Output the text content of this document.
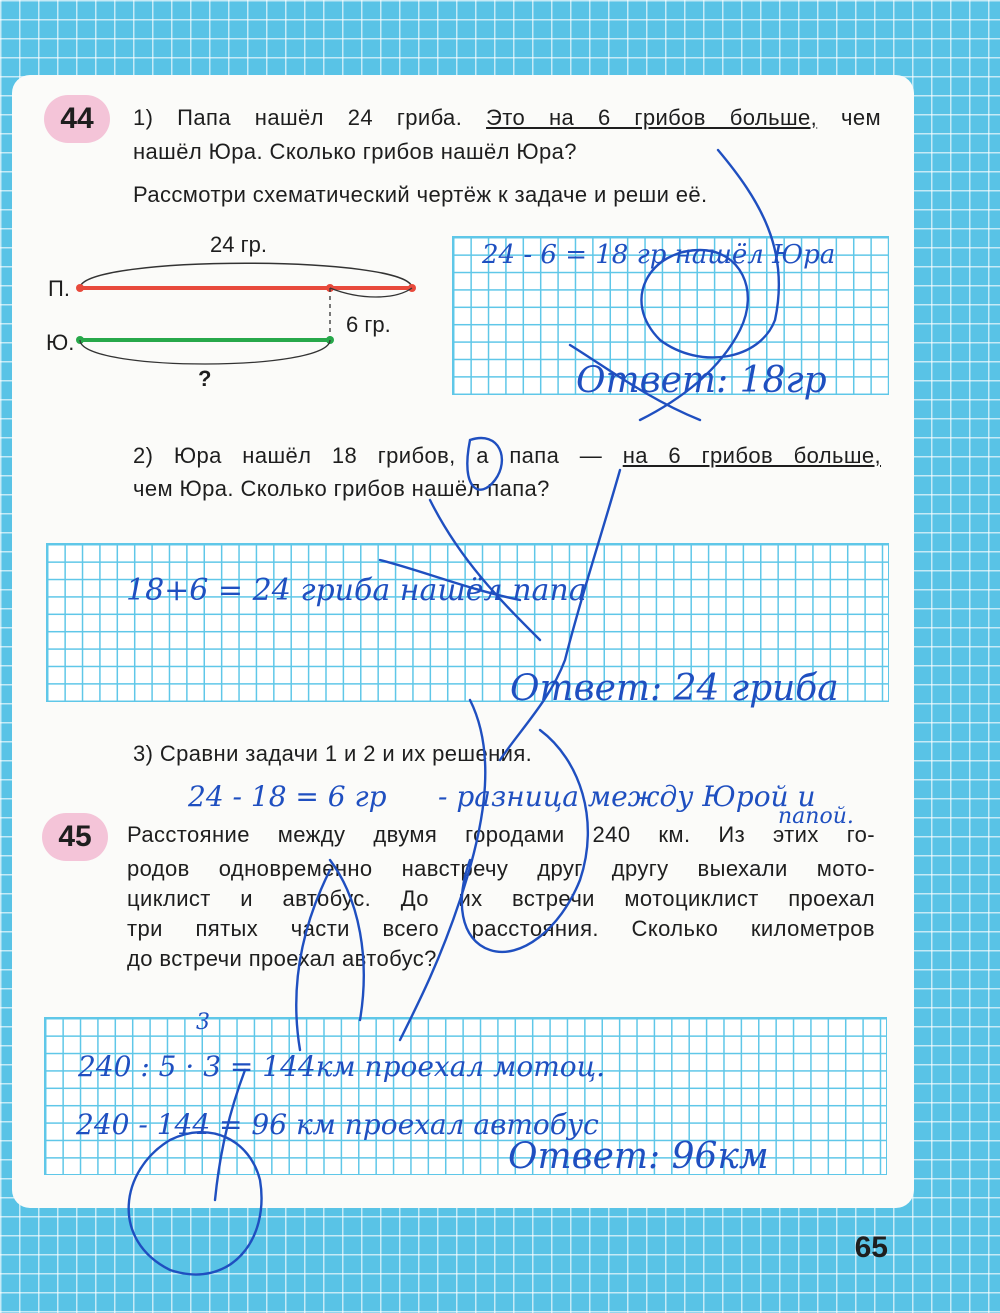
44 1) Папа нашёл 24 гриба. Это на 6 грибов больше, чем
нашёл Юра. Сколько грибов нашёл Юра?
Рассмотри схематический чертёж к задаче и реши её.
24 гр.
П.
Ю.
6 гр.
?
24 - 6 = 18 гр нашёл Юра
Ответ: 18гр
2) Юра нашёл 18 грибов, а папа — на 6 грибов больше,
чем Юра. Сколько грибов нашёл папа?
18+6 = 24 гриба нашёл папа
Ответ: 24 гриба
3) Сравни задачи 1 и 2 и их решения.
24 - 18 = 6 гр - разница между Юрой и
папой.
45 Расстояние между двумя городами 240 км. Из этих го-
родов одновременно навстречу друг другу выехали мото-
циклист и автобус. До их встречи мотоциклист проехал
три пятых части всего расстояния. Сколько километров
до встречи проехал автобус?
3
240 : 5 · 3 = 144км проехал мотоц.
240 - 144 = 96 км проехал автобус
Ответ: 96км
65
